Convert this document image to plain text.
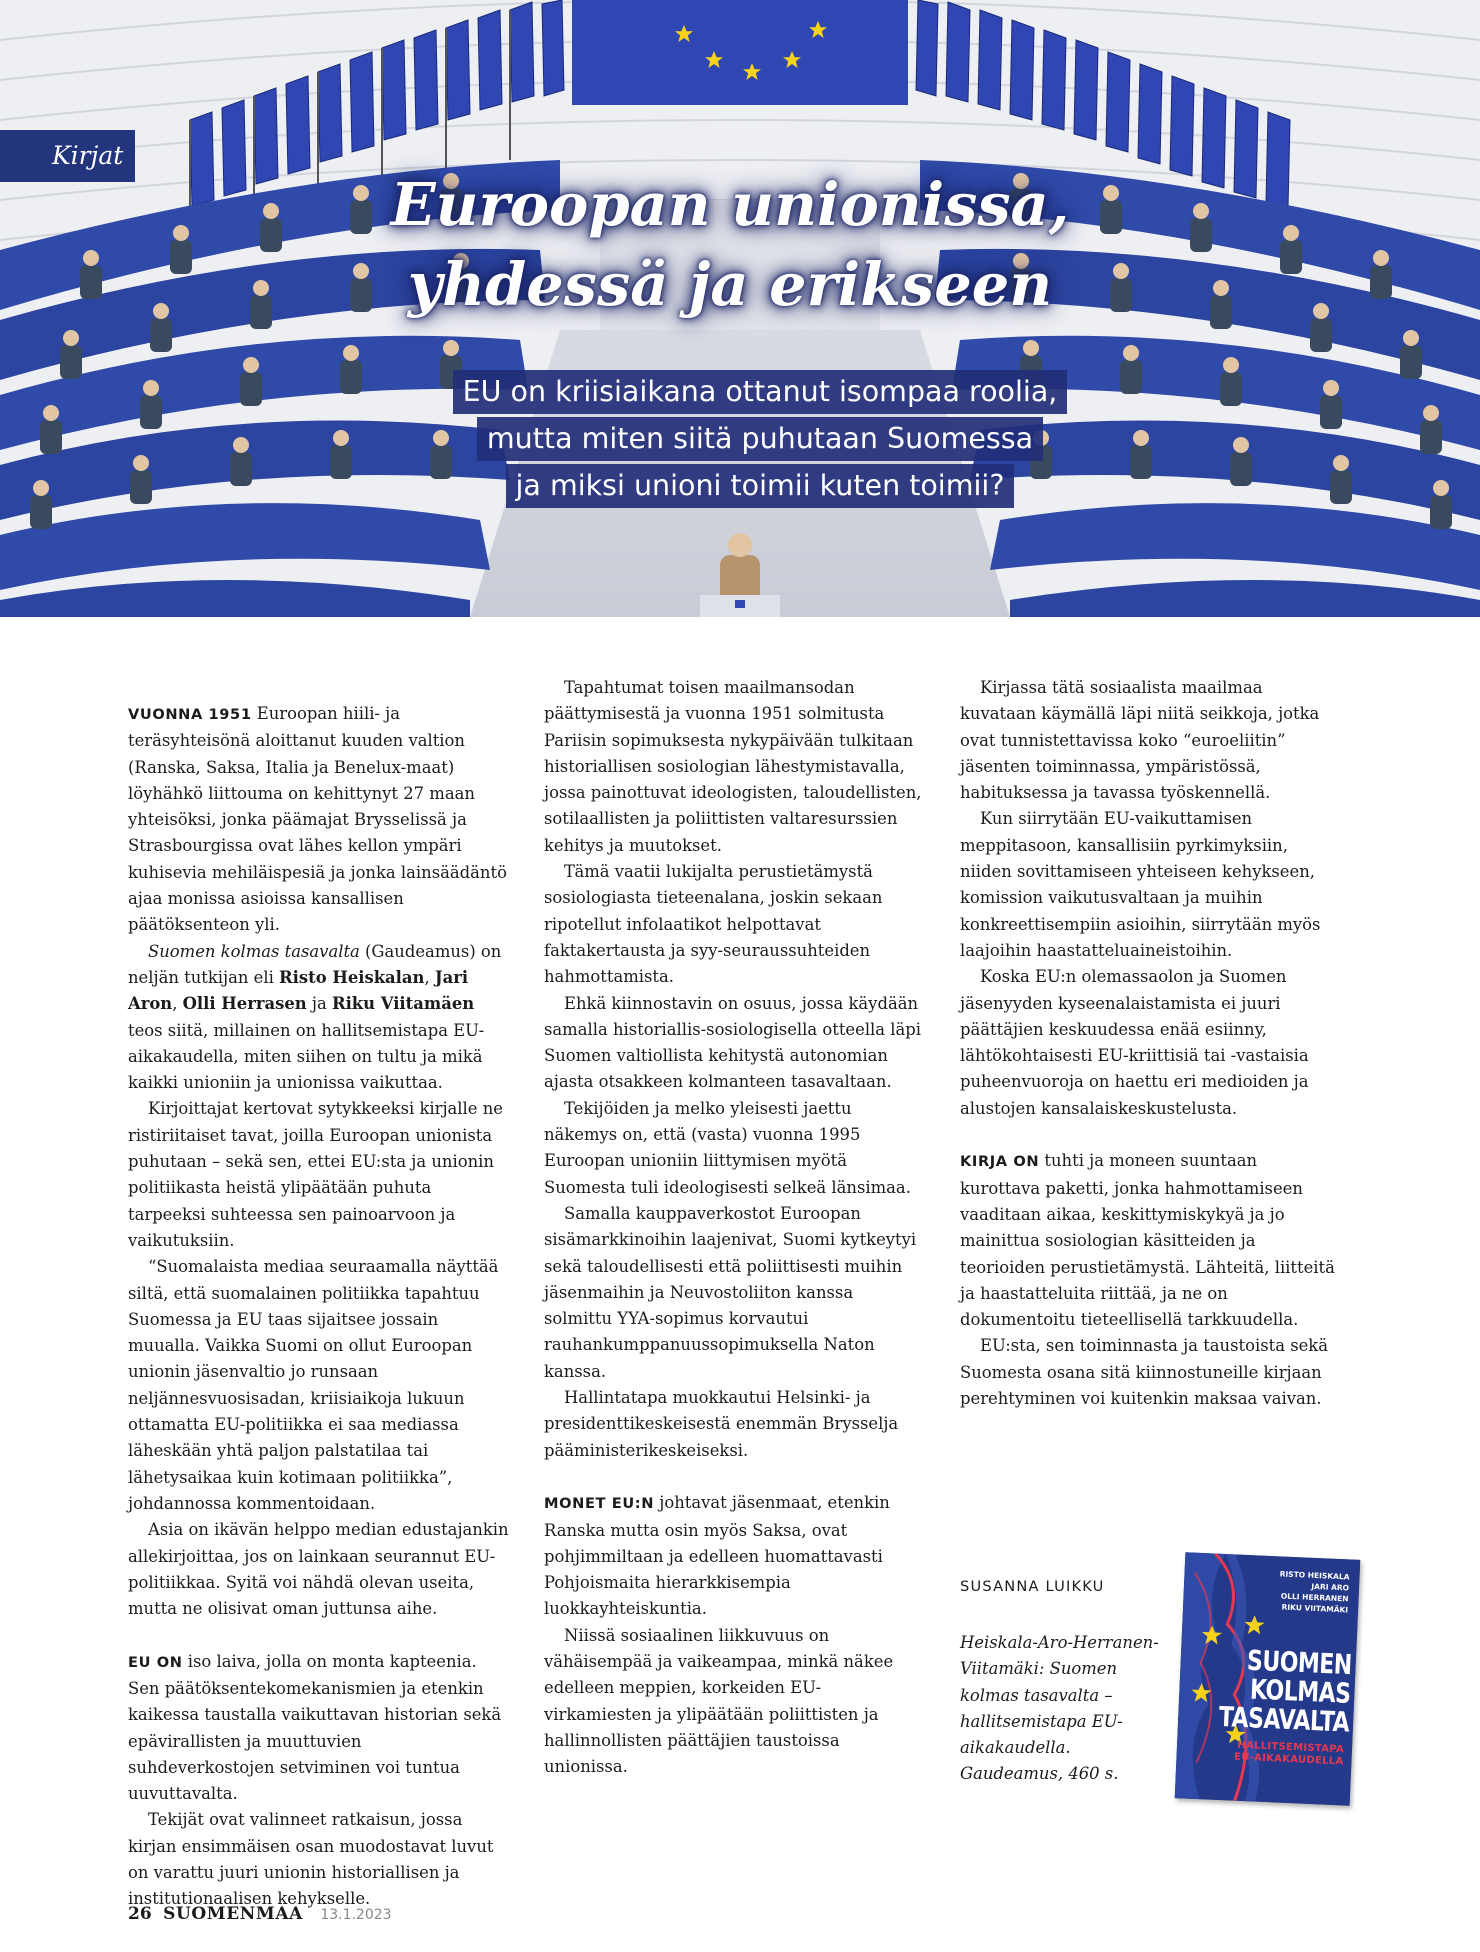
Kirjat
Euroopan unionissa,
yhdessä ja erikseen
EU on kriisiaikana ottanut isompaa roolia,
mutta miten siitä puhutaan Suomessa
ja miksi unioni toimii kuten toimii?
VUONNA 1951 Euroopan hiili- ja teräsyhteisönä aloittanut kuuden valtion (Ranska, Saksa, Italia ja Benelux-maat) löyhähkö liittouma on kehittynyt 27 maan yhteisöksi, jonka päämajat Brysselissä ja Strasbourgissa ovat lähes kellon ympäri kuhisevia mehiläispesiä ja jonka lainsäädäntö ajaa monissa asioissa kansallisen päätöksenteon yli.
Suomen kolmas tasavalta (Gaudeamus) on neljän tutkijan eli Risto Heiskalan, Jari Aron, Olli Herrasen ja Riku Viitamäen teos siitä, millainen on hallitsemistapa EU-aikakaudella, miten siihen on tultu ja mikä kaikki unioniin ja unionissa vaikuttaa.
Kirjoittajat kertovat sytykkeeksi kirjalle ne ristiriitaiset tavat, joilla Euroopan unionista puhutaan – sekä sen, ettei EU:sta ja unionin politiikasta heistä ylipäätään puhuta tarpeeksi suhteessa sen painoarvoon ja vaikutuksiin.
“Suomalaista mediaa seuraamalla näyttää siltä, että suomalainen politiikka tapahtuu Suomessa ja EU taas sijaitsee jossain muualla. Vaikka Suomi on ollut Euroopan unionin jäsenvaltio jo runsaan neljännesvuosisadan, kriisiaikoja lukuun ottamatta EU-politiikka ei saa mediassa läheskään yhtä paljon palstatilaa tai lähetysaikaa kuin kotimaan politiikka”, johdannossa kommentoidaan.
Asia on ikävän helppo median edustajankin allekirjoittaa, jos on lainkaan seurannut EU-politiikkaa. Syitä voi nähdä olevan useita, mutta ne olisivat oman juttunsa aihe.
EU ON iso laiva, jolla on monta kapteenia. Sen päätöksentekomekanismien ja etenkin kaikessa taustalla vaikuttavan historian sekä epävirallisten ja muuttuvien suhdeverkostojen setviminen voi tuntua uuvuttavalta.
Tekijät ovat valinneet ratkaisun, jossa kirjan ensimmäisen osan muodostavat luvut on varattu juuri unionin historiallisen ja institutionaalisen kehykselle.
Tapahtumat toisen maailmansodan päättymisestä ja vuonna 1951 solmitusta Pariisin sopimuksesta nykypäivään tulkitaan historiallisen sosiologian lähestymistavalla, jossa painottuvat ideologisten, taloudellisten, sotilaallisten ja poliittisten valtaresurssien kehitys ja muutokset.
Tämä vaatii lukijalta perustietämystä sosiologiasta tieteenalana, joskin sekaan ripotellut infolaatikot helpottavat faktakertausta ja syy-seuraussuhteiden hahmottamista.
Ehkä kiinnostavin on osuus, jossa käydään samalla historiallis-sosiologisella otteella läpi Suomen valtiollista kehitystä autonomian ajasta otsakkeen kolmanteen tasavaltaan.
Tekijöiden ja melko yleisesti jaettu näkemys on, että (vasta) vuonna 1995 Euroopan unioniin liittymisen myötä Suomesta tuli ideologisesti selkeä länsimaa.
Samalla kauppaverkostot Euroopan sisämarkkinoihin laajenivat, Suomi kytkeytyi sekä taloudellisesti että poliittisesti muihin jäsenmaihin ja Neuvostoliiton kanssa solmittu YYA-sopimus korvautui rauhankumppanuussopimuksella Naton kanssa.
Hallintatapa muokkautui Helsinki- ja presidenttikeskeisestä enemmän Brysselja pääministerikeskeiseksi.
MONET EU:N johtavat jäsenmaat, etenkin Ranska mutta osin myös Saksa, ovat pohjimmiltaan ja edelleen huomattavasti Pohjoismaita hierarkkisempia luokkayhteiskuntia.
Niissä sosiaalinen liikkuvuus on vähäisempää ja vaikeampaa, minkä näkee edelleen meppien, korkeiden EU-virkamiesten ja ylipäätään poliittisten ja hallinnollisten päättäjien taustoissa unionissa.
Kirjassa tätä sosiaalista maailmaa kuvataan käymällä läpi niitä seikkoja, jotka ovat tunnistettavissa koko “euroeliitin” jäsenten toiminnassa, ympäristössä, habituksessa ja tavassa työskennellä.
Kun siirrytään EU-vaikuttamisen meppitasoon, kansallisiin pyrkimyksiin, niiden sovittamiseen yhteiseen kehykseen, komission vaikutusvaltaan ja muihin konkreettisempiin asioihin, siirrytään myös laajoihin haastatteluaineistoihin.
Koska EU:n olemassaolon ja Suomen jäsenyyden kyseenalaistamista ei juuri päättäjien keskuudessa enää esiinny, lähtökohtaisesti EU-kriittisiä tai -vastaisia puheenvuoroja on haettu eri medioiden ja alustojen kansalaiskeskustelusta.
KIRJA ON tuhti ja moneen suuntaan kurottava paketti, jonka hahmottamiseen vaaditaan aikaa, keskittymiskykyä ja jo mainittua sosiologian käsitteiden ja teorioiden perustietämystä. Lähteitä, liitteitä ja haastatteluita riittää, ja ne on dokumentoitu tieteellisellä tarkkuudella.
EU:sta, sen toiminnasta ja taustoista sekä Suomesta osana sitä kiinnostuneille kirjaan perehtyminen voi kuitenkin maksaa vaivan.
SUSANNA LUIKKU
Heiskala-Aro-Herranen-
Viitamäki: Suomen
kolmas tasavalta –
hallitsemistapa EU-
aikakaudella.
Gaudeamus, 460 s.
RISTO HEISKALA
JARI ARO
OLLI HERRANEN
RIKU VIITAMÄKI
SUOMEN
KOLMAS
TASAVALTA
HALLITSEMISTAPA
EU-AIKAKAUDELLA
26 SUOMENMAA 13.1.2023
